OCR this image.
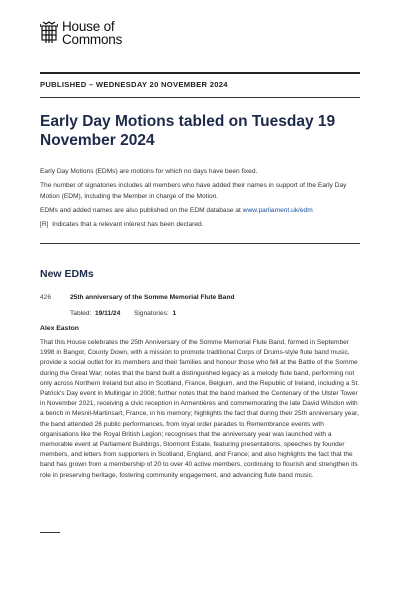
House of
Commons
PUBLISHED – WEDNESDAY 20 NOVEMBER 2024
Early Day Motions tabled on Tuesday 19 November 2024

Early Day Motions (EDMs) are motions for which no days have been fixed.

The number of signatories includes all members who have added their names in support of the Early Day Motion (EDM), including the Member in charge of the Motion.

EDMs and added names are also published on the EDM database at www.parliament.uk/edm

[R] Indicates that a relevant interest has been declared.

New EDMs
426	25th anniversary of the Somme Memorial Flute Band
Tabled: 19/11/24 Signatories: 1
Alex Easton

That this House celebrates the 25th Anniversary of the Somme Memorial Flute Band, formed in September 1998 in Bangor, County Down, with a mission to promote traditional Corps of Drums-style flute band music, provide a social outlet for its members and their families and honour those who fell at the Battle of the Somme during the Great War; notes that the band built a distinguished legacy as a melody flute band, performing not only across Northern Ireland but also in Scotland, France, Belgium, and the Republic of Ireland, including a St. Patrick's Day event in Mullingar in 2008; further notes that the band marked the Centenary of the Ulster Tower in November 2021, receiving a civic reception in Armentières and commemorating the late David Wilsdon with a bench in Mesnil-Martinsart, France, in his memory; highlights the fact that during their 25th anniversary year, the band attended 26 public performances, from loyal order parades to Remembrance events with organisations like the Royal British Legion; recognises that the anniversary year was launched with a memorable event at Parliament Buildings, Stormont Estate, featuring presentations, speeches by founder members, and letters from supporters in Scotland, England, and France; and also highlights the fact that the band has grown from a membership of 20 to over 40 active members, continuing to flourish and strengthen its role in preserving heritage, fostering community engagement, and advancing flute band music.
